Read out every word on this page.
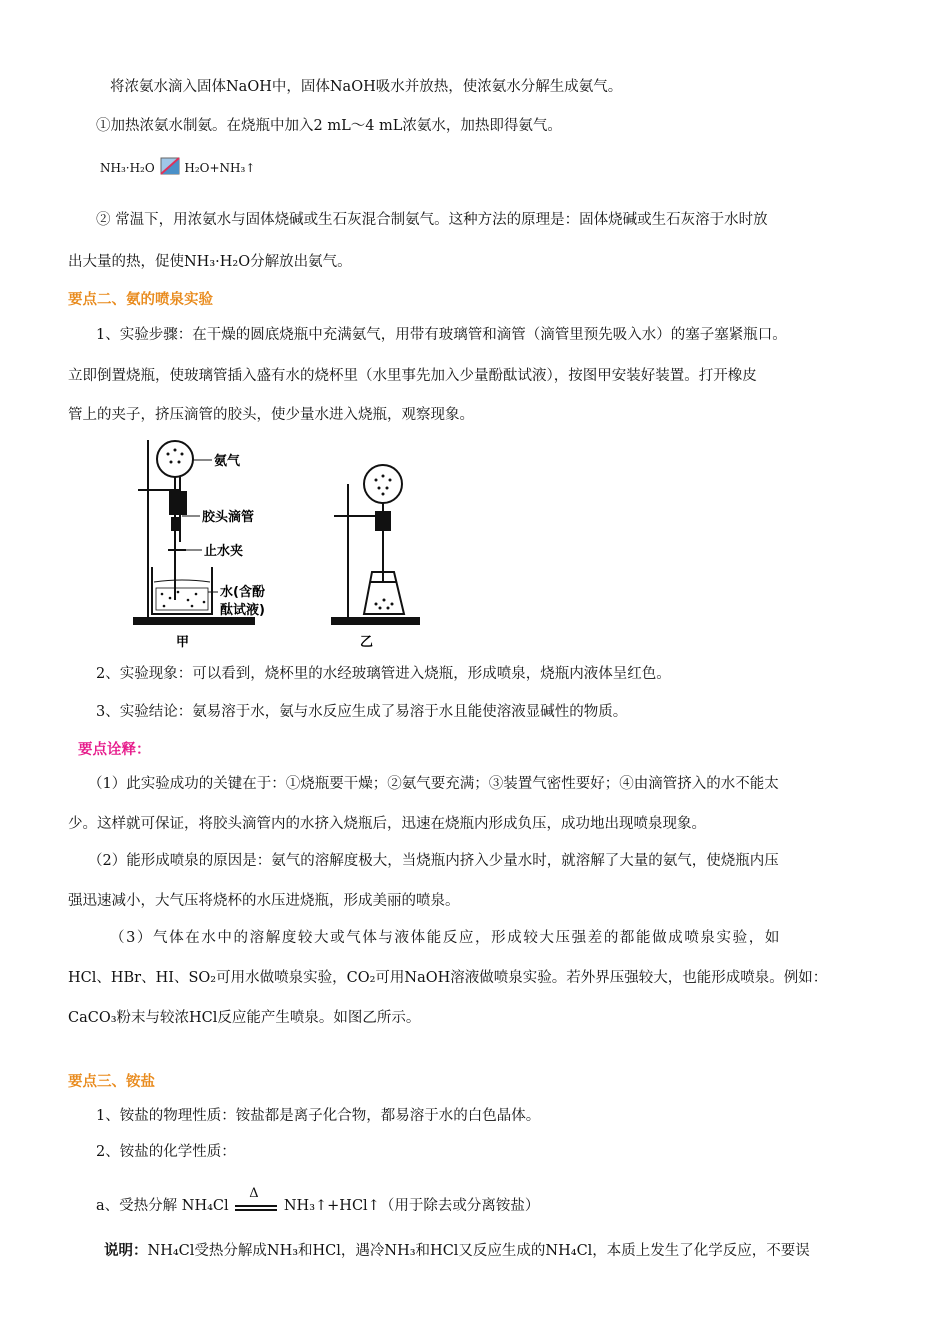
将浓氨水滴入固体NaOH中，固体NaOH吸水并放热，使浓氨水分解生成氨气。
①加热浓氨水制氨。在烧瓶中加入2 mL～4 mL浓氨水，加热即得氨气。
NH₃·H₂O H₂O+NH₃↑
② 常温下，用浓氨水与固体烧碱或生石灰混合制氨气。这种方法的原理是：固体烧碱或生石灰溶于水时放
出大量的热，促使NH₃·H₂O分解放出氨气。
要点二、氨的喷泉实验
1、实验步骤：在干燥的圆底烧瓶中充满氨气，用带有玻璃管和滴管（滴管里预先吸入水）的塞子塞紧瓶口。
立即倒置烧瓶，使玻璃管插入盛有水的烧杯里（水里事先加入少量酚酞试液），按图甲安装好装置。打开橡皮
管上的夹子，挤压滴管的胶头，使少量水进入烧瓶，观察现象。
氨气
胶头滴管
止水夹
水(含酚
酞试液)
甲	乙
2、实验现象：可以看到，烧杯里的水经玻璃管进入烧瓶，形成喷泉，烧瓶内液体呈红色。
3、实验结论：氨易溶于水，氨与水反应生成了易溶于水且能使溶液显碱性的物质。
要点诠释：
（1）此实验成功的关键在于：①烧瓶要干燥；②氨气要充满；③装置气密性要好；④由滴管挤入的水不能太
少。这样就可保证，将胶头滴管内的水挤入烧瓶后，迅速在烧瓶内形成负压，成功地出现喷泉现象。
（2）能形成喷泉的原因是：氨气的溶解度极大，当烧瓶内挤入少量水时，就溶解了大量的氨气，使烧瓶内压
强迅速减小，大气压将烧杯的水压进烧瓶，形成美丽的喷泉。
（3）气体在水中的溶解度较大或气体与液体能反应，形成较大压强差的都能做成喷泉实验，如
HCl、HBr、HI、SO₂可用水做喷泉实验，CO₂可用NaOH溶液做喷泉实验。若外界压强较大，也能形成喷泉。例如：
CaCO₃粉末与较浓HCl反应能产生喷泉。如图乙所示。
要点三、铵盐
1、铵盐的物理性质：铵盐都是离子化合物，都易溶于水的白色晶体。
2、铵盐的化学性质：
a、受热分解 NH₄Cl
Δ
NH₃↑+HCl↑（用于除去或分离铵盐）
说明：NH₄Cl受热分解成NH₃和HCl，遇冷NH₃和HCl又反应生成的NH₄Cl，本质上发生了化学反应，不要误
